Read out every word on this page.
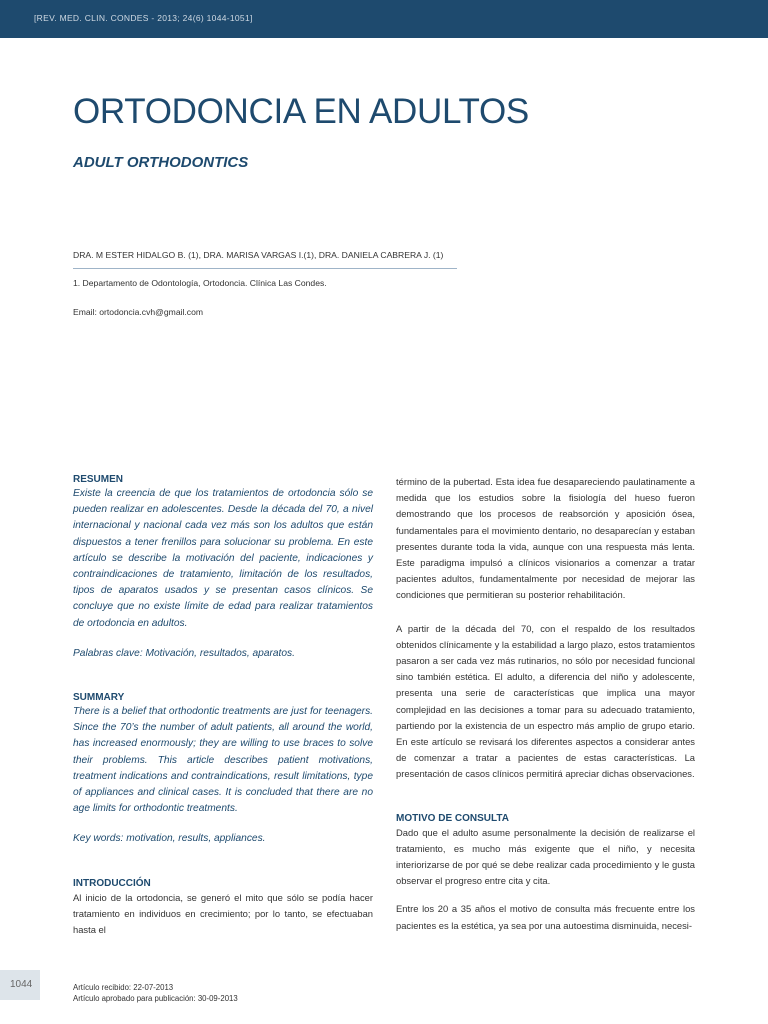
[REV. MED. CLIN. CONDES - 2013; 24(6) 1044-1051]
ORTODONCIA EN ADULTOS
ADULT ORTHODONTICS
DRA. M ESTER HIDALGO B. (1), DRA. MARISA VARGAS I.(1), DRA. DANIELA CABRERA J. (1)
1. Departamento de Odontología, Ortodoncia. Clínica Las Condes.
Email: ortodoncia.cvh@gmail.com
RESUMEN

Existe la creencia de que los tratamientos de ortodoncia sólo se pueden realizar en adolescentes. Desde la década del 70, a nivel internacional y nacional cada vez más son los adultos que están dispuestos a tener frenillos para solucionar su problema. En este artículo se describe la motivación del paciente, indicaciones y contraindicaciones de tratamiento, limitación de los resultados, tipos de aparatos usados y se presentan casos clínicos. Se concluye que no existe límite de edad para realizar tratamientos de ortodoncia en adultos.

Palabras clave: Motivación, resultados, aparatos.

SUMMARY

There is a belief that orthodontic treatments are just for teenagers. Since the 70’s the number of adult patients, all around the world, has increased enormously; they are willing to use braces to solve their problems. This article describes patient motivations, treatment indications and contraindications, result limitations, type of appliances and clinical cases. It is concluded that there are no age limits for orthodontic treatments.

Key words: motivation, results, appliances.

INTRODUCCIÓN

Al inicio de la ortodoncia, se generó el mito que sólo se podía hacer tratamiento en individuos en crecimiento; por lo tanto, se efectuaban hasta el

término de la pubertad. Esta idea fue desapareciendo paulatinamente a medida que los estudios sobre la fisiología del hueso fueron demostrando que los procesos de reabsorción y aposición ósea, fundamentales para el movimiento dentario, no desaparecían y estaban presentes durante toda la vida, aunque con una respuesta más lenta. Este paradigma impulsó a clínicos visionarios a comenzar a tratar pacientes adultos, fundamentalmente por necesidad de mejorar las condiciones que permitieran su posterior rehabilitación.

A partir de la década del 70, con el respaldo de los resultados obtenidos clínicamente y la estabilidad a largo plazo, estos tratamientos pasaron a ser cada vez más rutinarios, no sólo por necesidad funcional sino también estética. El adulto, a diferencia del niño y adolescente, presenta una serie de características que implica una mayor complejidad en las decisiones a tomar para su adecuado tratamiento, partiendo por la existencia de un espectro más amplio de grupo etario. En este artículo se revisará los diferentes aspectos a considerar antes de comenzar a tratar a pacientes de estas características. La presentación de casos clínicos permitirá apreciar dichas observaciones.

MOTIVO DE CONSULTA

Dado que el adulto asume personalmente la decisión de realizarse el tratamiento, es mucho más exigente que el niño, y necesita interiorizarse de por qué se debe realizar cada procedimiento y le gusta observar el progreso entre cita y cita.

Entre los 20 a 35 años el motivo de consulta más frecuente entre los pacientes es la estética, ya sea por una autoestima disminuida, necesi-

1044	Artículo recibido: 22-07-2013
Artículo aprobado para publicación: 30-09-2013
